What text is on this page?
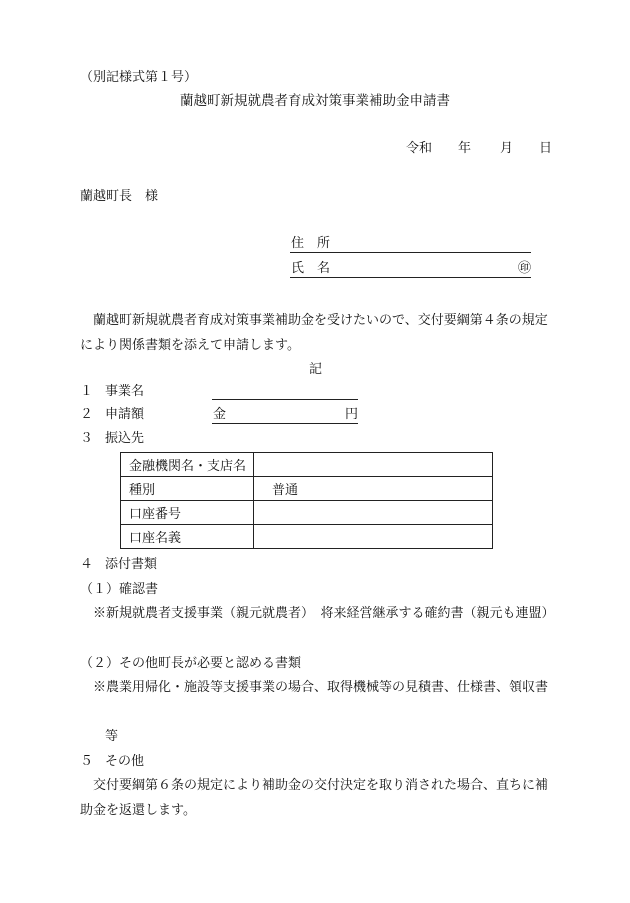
（別記様式第１号）
蘭越町新規就農者育成対策事業補助金申請書
令和 年 月 日
蘭越町長　様
住　所
氏　名	㊞
蘭越町新規就農者育成対策事業補助金を受けたいので、交付要綱第４条の規定により関係書類を添えて申請します。
記
１ 事業名
２ 申請額	金	円
３ 振込先
金融機関名・支店名	
種別	普通
口座番号	
口座名義	
４ 添付書類
（１）確認書
※新規就農者支援事業（親元就農者）　将来経営継承する確約書（親元も連盟）
（２）その他町長が必要と認める書類
※農業用帰化・施設等支援事業の場合、取得機械等の見積書、仕様書、領収書
等
５ その他
交付要綱第６条の規定により補助金の交付決定を取り消された場合、直ちに補助金を返還します。
